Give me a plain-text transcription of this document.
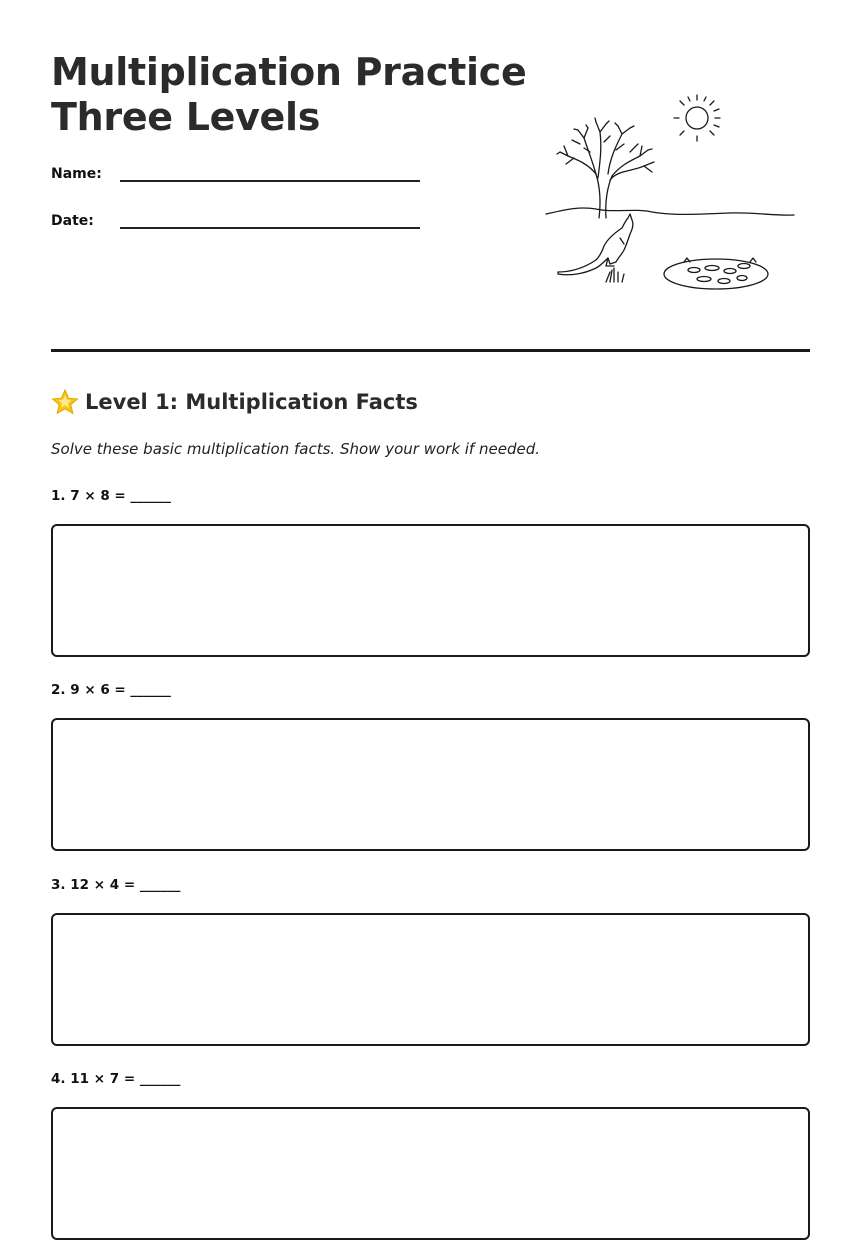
Multiplication Practice
Three Levels
Name:
Date:
Level 1: Multiplication Facts
Solve these basic multiplication facts. Show your work if needed.
1. 7 × 8 = ______
2. 9 × 6 = ______
3. 12 × 4 = ______
4. 11 × 7 = ______
